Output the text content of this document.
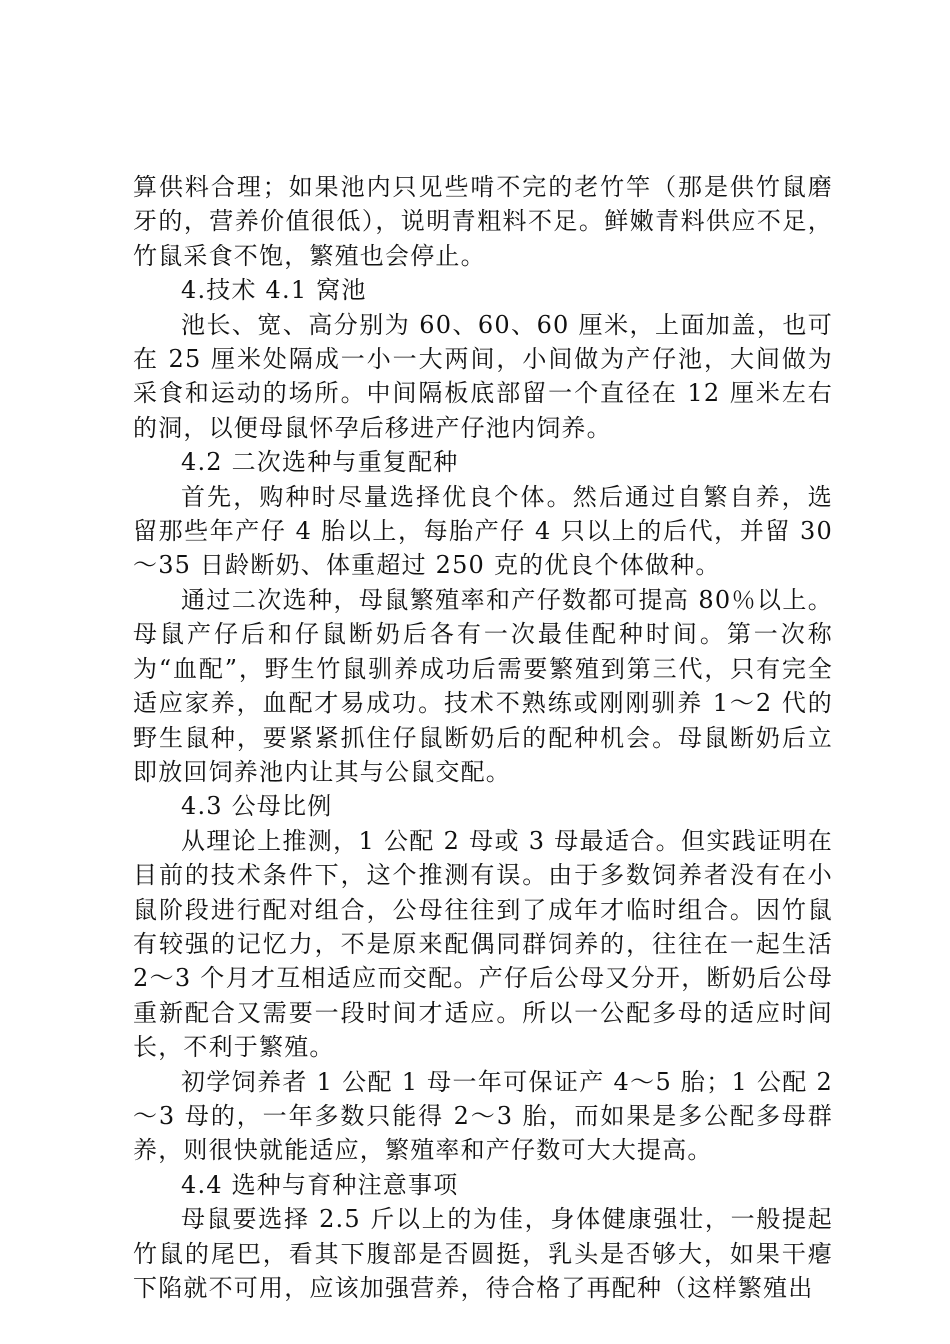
算供料合理；如果池内只见些啃不完的老竹竿（那是供竹鼠磨牙的，营养价值很低），说明青粗料不足。鲜嫩青料供应不足，竹鼠采食不饱，繁殖也会停止。

4.技术 4.1 窝池

池长、宽、高分别为 60、60、60 厘米，上面加盖，也可在 25 厘米处隔成一小一大两间，小间做为产仔池，大间做为采食和运动的场所。中间隔板底部留一个直径在 12 厘米左右的洞，以便母鼠怀孕后移进产仔池内饲养。

4.2 二次选种与重复配种

首先，购种时尽量选择优良个体。然后通过自繁自养，选留那些年产仔 4 胎以上，每胎产仔 4 只以上的后代，并留 30～35 日龄断奶、体重超过 250 克的优良个体做种。

通过二次选种，母鼠繁殖率和产仔数都可提高 80％以上。母鼠产仔后和仔鼠断奶后各有一次最佳配种时间。第一次称为“血配”，野生竹鼠驯养成功后需要繁殖到第三代，只有完全适应家养，血配才易成功。技术不熟练或刚刚驯养 1～2 代的野生鼠种，要紧紧抓住仔鼠断奶后的配种机会。母鼠断奶后立即放回饲养池内让其与公鼠交配。

4.3 公母比例

从理论上推测，1 公配 2 母或 3 母最适合。但实践证明在目前的技术条件下，这个推测有误。由于多数饲养者没有在小鼠阶段进行配对组合，公母往往到了成年才临时组合。因竹鼠有较强的记忆力，不是原来配偶同群饲养的，往往在一起生活 2～3 个月才互相适应而交配。产仔后公母又分开，断奶后公母重新配合又需要一段时间才适应。所以一公配多母的适应时间长，不利于繁殖。

初学饲养者 1 公配 1 母一年可保证产 4～5 胎；1 公配 2～3 母的，一年多数只能得 2～3 胎，而如果是多公配多母群养，则很快就能适应，繁殖率和产仔数可大大提高。

4.4 选种与育种注意事项

母鼠要选择 2.5 斤以上的为佳，身体健康强壮，一般提起竹鼠的尾巴，看其下腹部是否圆挺，乳头是否够大，如果干瘪下陷就不可用，应该加强营养，待合格了再配种（这样繁殖出
